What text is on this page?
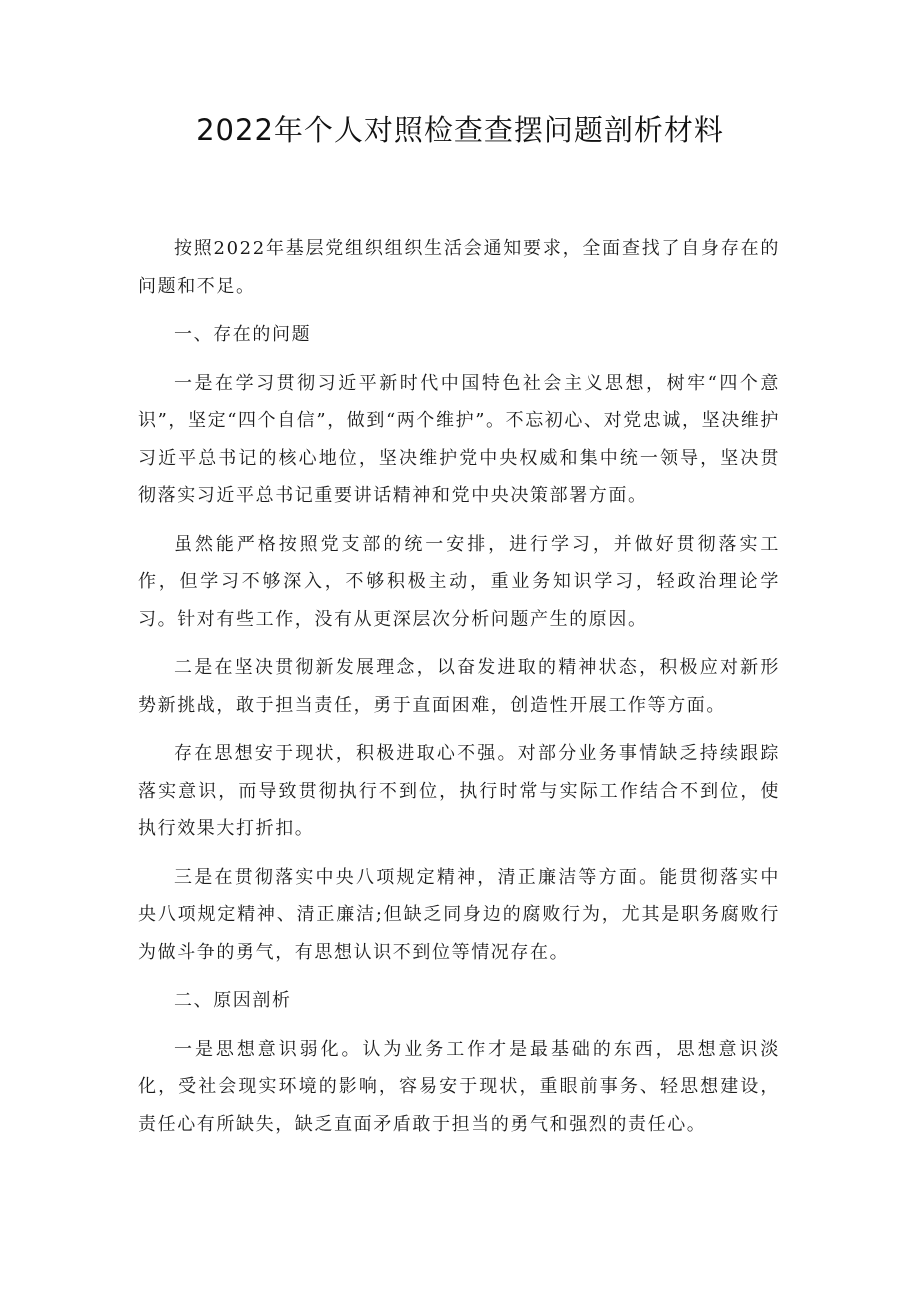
2022年个人对照检查查摆问题剖析材料

按照2022年基层党组织组织生活会通知要求，全面查找了自身存在的问题和不足。

一、存在的问题

一是在学习贯彻习近平新时代中国特色社会主义思想，树牢“四个意识”，坚定“四个自信”，做到“两个维护”。不忘初心、对党忠诚，坚决维护习近平总书记的核心地位，坚决维护党中央权威和集中统一领导，坚决贯彻落实习近平总书记重要讲话精神和党中央决策部署方面。

虽然能严格按照党支部的统一安排，进行学习，并做好贯彻落实工作，但学习不够深入，不够积极主动，重业务知识学习，轻政治理论学习。针对有些工作，没有从更深层次分析问题产生的原因。

二是在坚决贯彻新发展理念，以奋发进取的精神状态，积极应对新形势新挑战，敢于担当责任，勇于直面困难，创造性开展工作等方面。

存在思想安于现状，积极进取心不强。对部分业务事情缺乏持续跟踪落实意识，而导致贯彻执行不到位，执行时常与实际工作结合不到位，使执行效果大打折扣。

三是在贯彻落实中央八项规定精神，清正廉洁等方面。能贯彻落实中央八项规定精神、清正廉洁;但缺乏同身边的腐败行为，尤其是职务腐败行为做斗争的勇气，有思想认识不到位等情况存在。

二、原因剖析

一是思想意识弱化。认为业务工作才是最基础的东西，思想意识淡化，受社会现实环境的影响，容易安于现状，重眼前事务、轻思想建设，责任心有所缺失，缺乏直面矛盾敢于担当的勇气和强烈的责任心。
